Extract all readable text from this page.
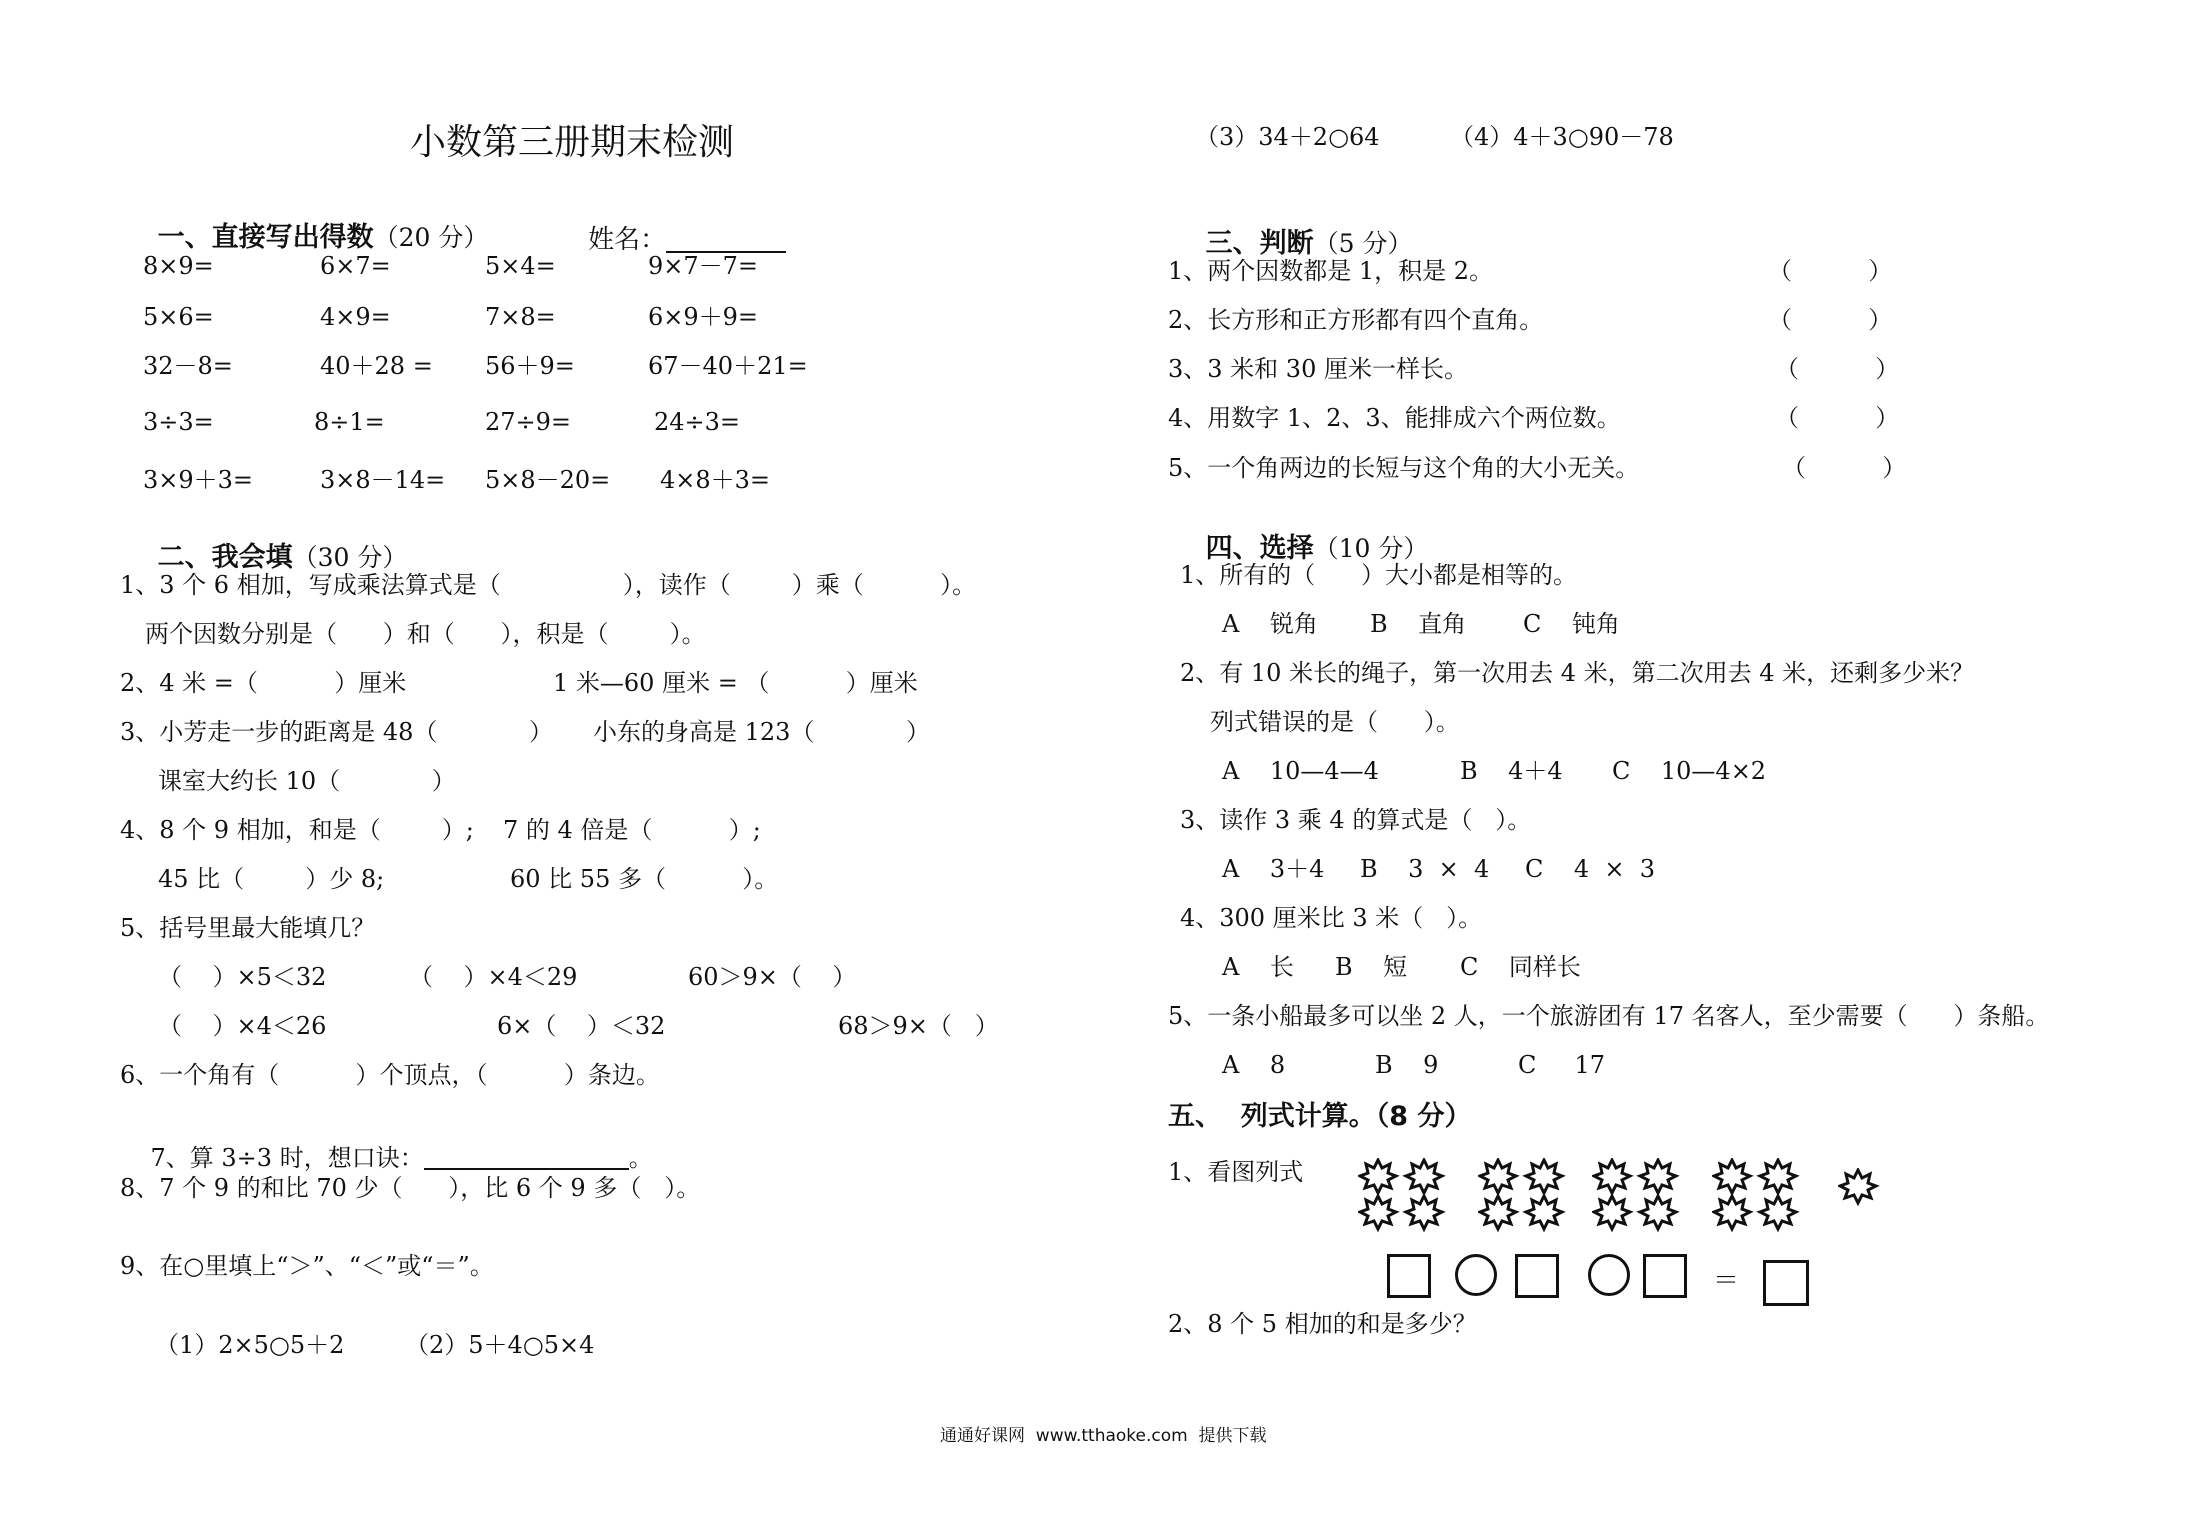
小数第三册期末检测

一、直接写出得数（20 分）
	姓名：

8×9=	6×7=	5×4=	9×7－7=
5×6=	4×9=	7×8=	6×9＋9=
32－8=	40＋28 = 56＋9=	67－40＋21=
3÷3=	8÷1=	27÷9=	24÷3=
3×9＋3=	3×8－14= 5×8－20= 4×8＋3=

二、我会填（30 分）

1、3 个 6 相加，写成乘法算式是（                ），读作（        ）乘（          ）。
两个因数分别是（      ）和（      ），积是（        ）。
2、4 米 =（          ）厘米	1 米—60 厘米 = （          ）厘米
3、小芳走一步的距离是 48（            ） 小东的身高是 123（            ）
课室大约长 10（            ）
4、8 个 9 相加，和是（        ）; 7 的 4 倍是（          ）;
45 比（        ）少 8;	60 比 55 多（          ）。
5、括号里最大能填几？
（    ）×5＜32	（    ）×4＜29	60＞9×（    ）
（    ）×4＜26	6×（    ）＜32	68＞9×（   ）
6、一个角有（          ）个顶点，（          ）条边。

7、算 3÷3 时，想口诀：	。

8、7 个 9 的和比 70 少（      ），比 6 个 9 多（   ）。
9、在○里填上“＞”、“＜”或“＝”。
（1）2×5○5＋2	（2）5＋4○5×4
（3）34＋2○64	（4）4＋3○90－78

三、判断（5 分）

1、两个因数都是 1，积是 2。	（          ）
2、长方形和正方形都有四个直角。	（          ）
3、3 米和 30 厘米一样长。	（          ）
4、用数字 1、2、3、能排成六个两位数。	（          ）
5、一个角两边的长短与这个角的大小无关。	（          ）

四、选择（10 分）

1、所有的（      ）大小都是相等的。
A    锐角 B    直角 C    钝角
2、有 10 米长的绳子，第一次用去 4 米，第二次用去 4 米，还剩多少米？
列式错误的是（      ）。
A    10—4—4	B    4＋4 C    10—4×2
3、读作 3 乘 4 的算式是（   ）。
A    3＋4 B    3  ×  4 C    4  ×  3
4、300 厘米比 3 米（   ）。
A    长 B    短 C    同样长
5、一条小船最多可以坐 2 人，一个旅游团有 17 名客人，至少需要（      ）条船。
A    8	B    9	C     17
五、  列式计算。（8 分）
1、看图列式
＝
2、8 个 5 相加的和是多少？
通通好课网  www.tthaoke.com  提供下载
